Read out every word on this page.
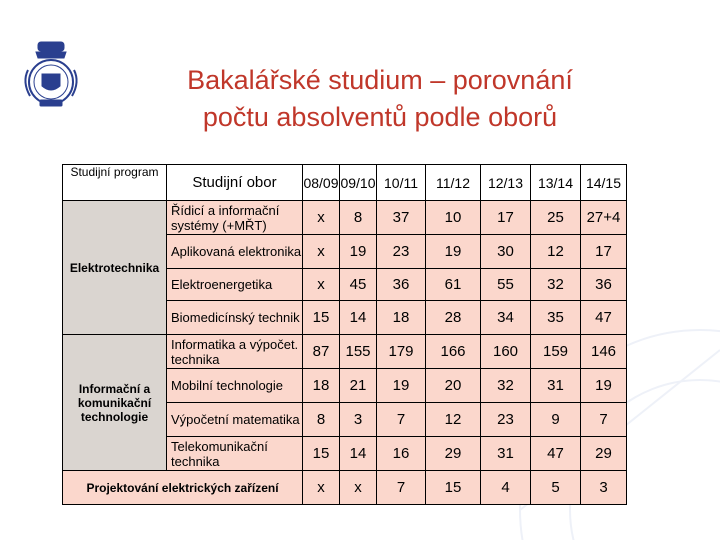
Bakalářské studium – porovnání
počtu absolventů podle oborů
Studijní program	Studijní obor	08/09	09/10	10/11	11/12	12/13	13/14	14/15
Elektrotechnika	Řídicí a informační systémy (+MŘT)	x	8	37	10	17	25	27+4
	Aplikovaná elektronika	x	19	23	19	30	12	17
	Elektroenergetika	x	45	36	61	55	32	36
	Biomedicínský technik	15	14	18	28	34	35	47
Informační a komunikační technologie	Informatika a výpočet. technika	87	155	179	166	160	159	146
	Mobilní technologie	18	21	19	20	32	31	19
	Výpočetní matematika	8	3	7	12	23	9	7
	Telekomunikační technika	15	14	16	29	31	47	29
Projektování elektrických zařízení		x	x	7	15	4	5	3
